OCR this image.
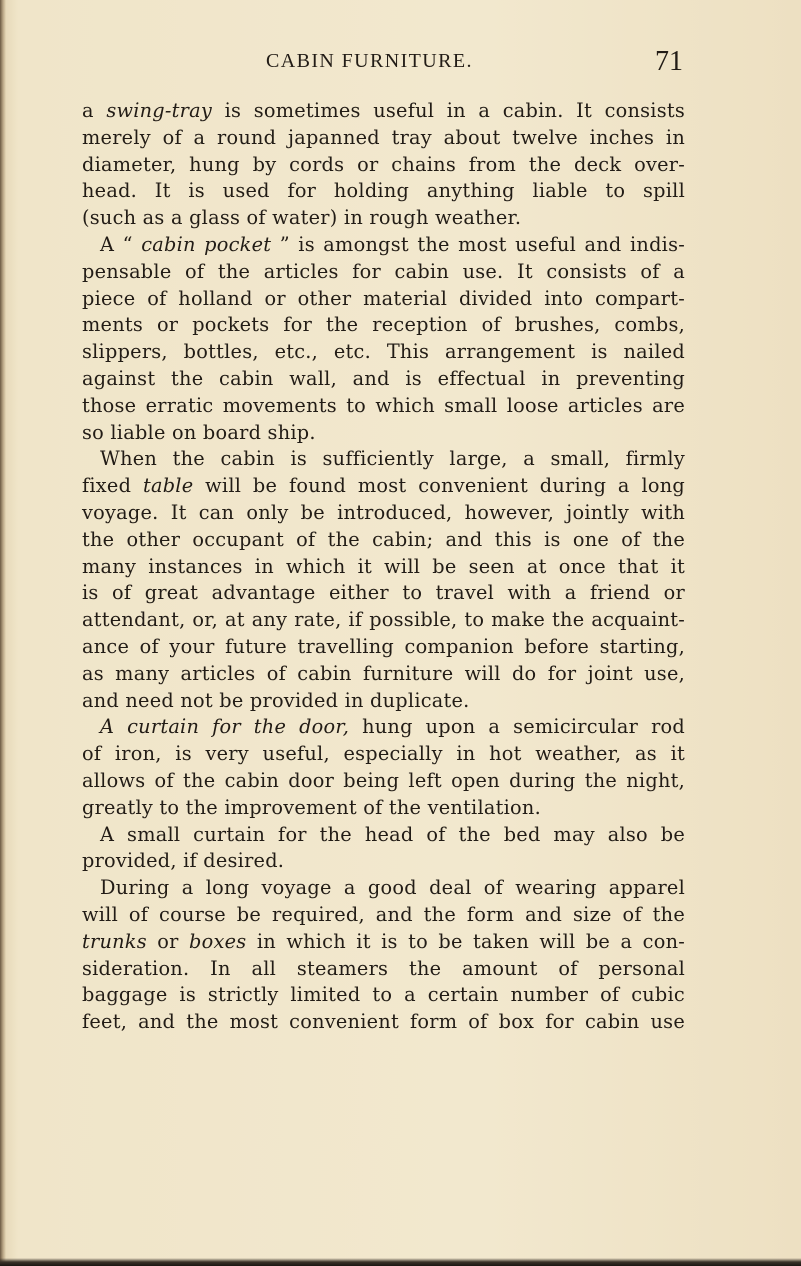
CABIN FURNITURE.	71
a swing-tray is sometimes useful in a cabin. It consists
merely of a round japanned tray about twelve inches in
diameter, hung by cords or chains from the deck over-
head. It is used for holding anything liable to spill
(such as a glass of water) in rough weather.
A “ cabin pocket ” is amongst the most useful and indis-
pensable of the articles for cabin use. It consists of a
piece of holland or other material divided into compart-
ments or pockets for the reception of brushes, combs,
slippers, bottles, etc., etc. This arrangement is nailed
against the cabin wall, and is effectual in preventing
those erratic movements to which small loose articles are
so liable on board ship.
When the cabin is sufficiently large, a small, firmly
fixed table will be found most convenient during a long
voyage. It can only be introduced, however, jointly with
the other occupant of the cabin; and this is one of the
many instances in which it will be seen at once that it
is of great advantage either to travel with a friend or
attendant, or, at any rate, if possible, to make the acquaint-
ance of your future travelling companion before starting,
as many articles of cabin furniture will do for joint use,
and need not be provided in duplicate.
A curtain for the door, hung upon a semicircular rod
of iron, is very useful, especially in hot weather, as it
allows of the cabin door being left open during the night,
greatly to the improvement of the ventilation.
A small curtain for the head of the bed may also be
provided, if desired.
During a long voyage a good deal of wearing apparel
will of course be required, and the form and size of the
trunks or boxes in which it is to be taken will be a con-
sideration. In all steamers the amount of personal
baggage is strictly limited to a certain number of cubic
feet, and the most convenient form of box for cabin use
